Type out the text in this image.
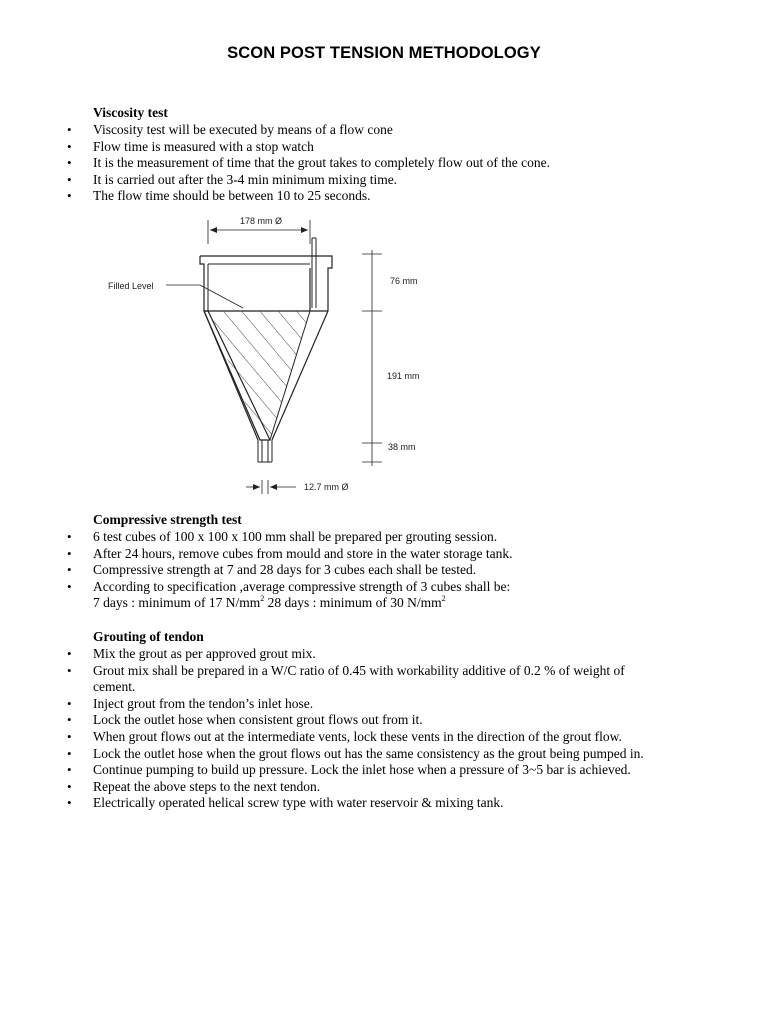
SCON POST TENSION METHODOLOGY
Viscosity test
• Viscosity test will be executed by means of a flow cone
• Flow time is measured with a stop watch
• It is the measurement of time that the grout takes to completely flow out of the cone.
• It is carried out after the 3-4 min minimum mixing time.
• The flow time should be between 10 to 25 seconds.
178 mm Ø
Filled Level	76 mm
191 mm
38 mm
12.7 mm Ø
Compressive strength test
• 6 test cubes of 100 x 100 x 100 mm shall be prepared per grouting session.
• After 24 hours, remove cubes from mould and store in the water storage tank.
• Compressive strength at 7 and 28 days for 3 cubes each shall be tested.
• According to specification ,average compressive strength of 3 cubes shall be:
7 days : minimum of 17 $N/mm^2$ 28 days : minimum of 30 $N/mm^2$
Grouting of tendon
• Mix the grout as per approved grout mix.
• Grout mix shall be prepared in a W/C ratio of 0.45 with workability additive of 0.2 % of weight of cement.
• Inject grout from the tendon’s inlet hose.
• Lock the outlet hose when consistent grout flows out from it.
• When grout flows out at the intermediate vents, lock these vents in the direction of the grout flow.
• Lock the outlet hose when the grout flows out has the same consistency as the grout being pumped in.
• Continue pumping to build up pressure. Lock the inlet hose when a pressure of 3~5 bar is achieved.
• Repeat the above steps to the next tendon.
• Electrically operated helical screw type with water reservoir & mixing tank.
